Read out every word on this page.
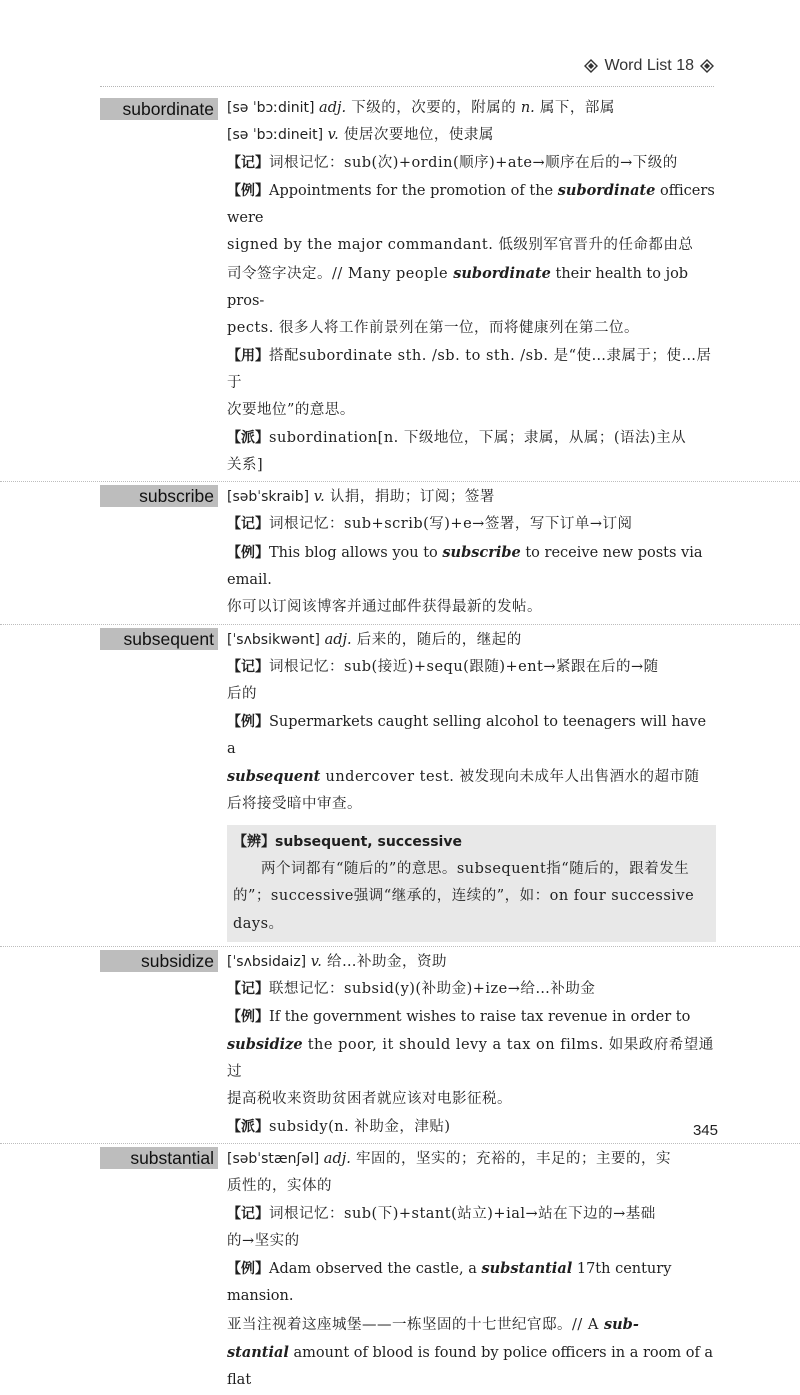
Word List 18
subordinate [sə ˈbɔːdinit] adj. 下级的，次要的，附属的 n. 属下，部属
[sə ˈbɔːdineit] v. 使居次要地位，使隶属
【记】词根记忆：sub(次)+ordin(顺序)+ate→顺序在后的→下级的
【例】Appointments for the promotion of the subordinate officers were
signed by the major commandant. 低级别军官晋升的任命都由总
司令签字决定。// Many people subordinate their health to job pros-
pects. 很多人将工作前景列在第一位，而将健康列在第二位。
【用】搭配subordinate sth. /sb. to sth. /sb. 是“使…隶属于；使…居于
次要地位”的意思。
【派】subordination[n. 下级地位，下属；隶属，从属；(语法)主从
关系]
subscribe [səbˈskraib] v. 认捐，捐助；订阅；签署
【记】词根记忆：sub+scrib(写)+e→签署，写下订单→订阅
【例】This blog allows you to subscribe to receive new posts via email.
你可以订阅该博客并通过邮件获得最新的发帖。
subsequent [ˈsʌbsikwənt] adj. 后来的，随后的，继起的
【记】词根记忆：sub(接近)+sequ(跟随)+ent→紧跟在后的→随
后的
【例】Supermarkets caught selling alcohol to teenagers will have a
subsequent undercover test. 被发现向未成年人出售酒水的超市随
后将接受暗中审查。
【辨】subsequent, successive
两个词都有“随后的”的意思。subsequent指“随后的，跟着发生
的”；successive强调“继承的，连续的”，如：on four successive days。
subsidize [ˈsʌbsidaiz] v. 给…补助金，资助
【记】联想记忆：subsid(y)(补助金)+ize→给…补助金
【例】If the government wishes to raise tax revenue in order to
subsidize the poor, it should levy a tax on films. 如果政府希望通过
提高税收来资助贫困者就应该对电影征税。
【派】subsidy(n. 补助金，津贴)
substantial [səbˈstænʃəl] adj. 牢固的，坚实的；充裕的，丰足的；主要的，实
质性的，实体的
【记】词根记忆：sub(下)+stant(站立)+ial→站在下边的→基础
的→坚实的
【例】Adam observed the castle, a substantial 17th century mansion.
亚当注视着这座城堡——一栋坚固的十七世纪官邸。// A sub-
stantial amount of blood is found by police officers in a room of a flat
345
